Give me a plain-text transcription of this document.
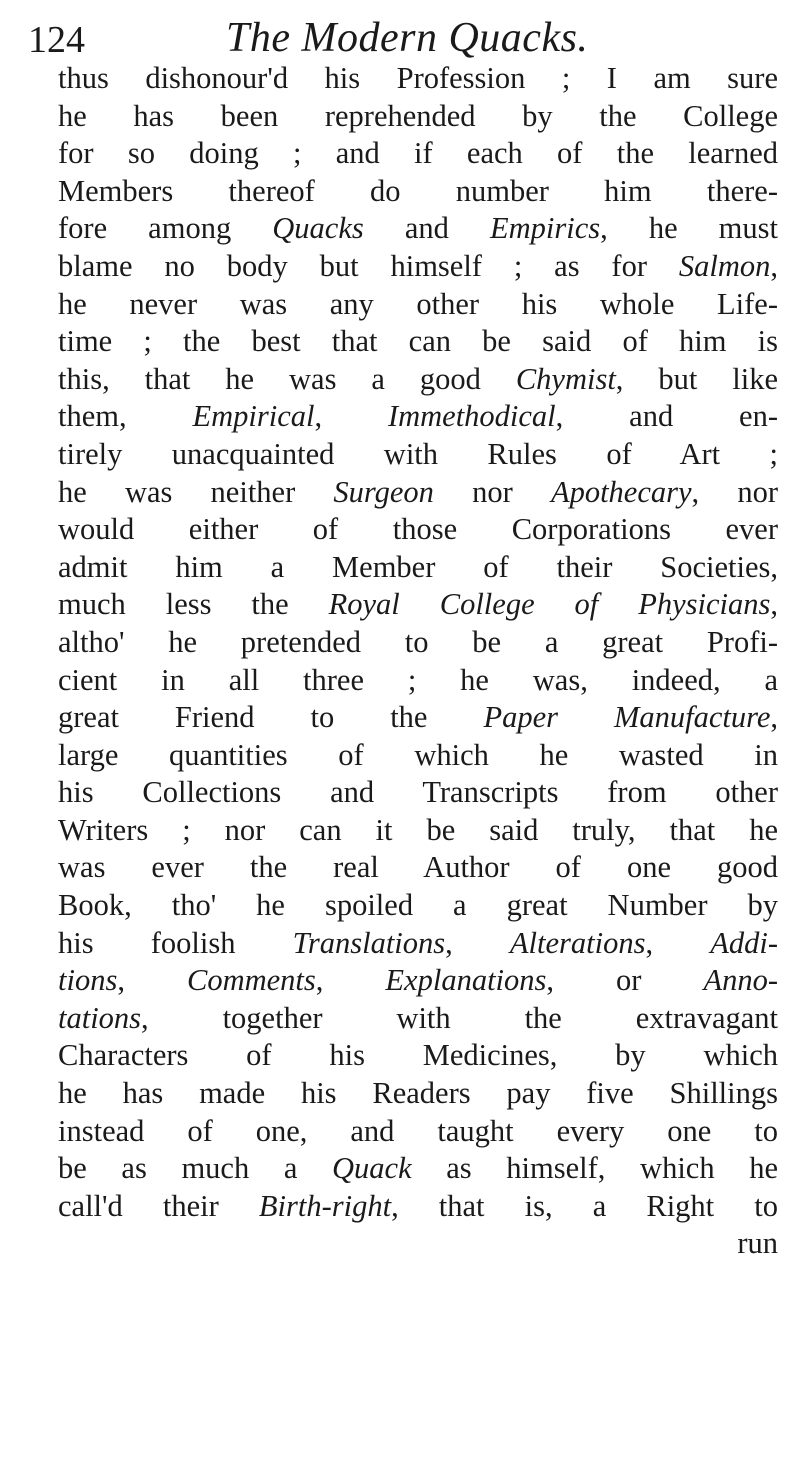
124	The Modern Quacks.
thus dishonour'd his Profession ; I am sure
he has been reprehended by the College
for so doing ; and if each of the learned
Members thereof do number him there-
fore among Quacks and Empirics, he must
blame no body but himself ; as for Salmon,
he never was any other his whole Life-
time ; the best that can be said of him is
this, that he was a good Chymist, but like
them, Empirical, Immethodical, and en-
tirely unacquainted with Rules of Art ;
he was neither Surgeon nor Apothecary, nor
would either of those Corporations ever
admit him a Member of their Societies,
much less the Royal College of Physicians,
altho' he pretended to be a great Profi-
cient in all three ; he was, indeed, a
great Friend to the Paper Manufacture,
large quantities of which he wasted in
his Collections and Transcripts from other
Writers ; nor can it be said truly, that he
was ever the real Author of one good
Book, tho' he spoiled a great Number by
his foolish Translations, Alterations, Addi-
tions, Comments, Explanations, or Anno-
tations, together with the extravagant
Characters of his Medicines, by which
he has made his Readers pay five Shillings
instead of one, and taught every one to
be as much a Quack as himself, which he
call'd their Birth-right, that is, a Right to
run
